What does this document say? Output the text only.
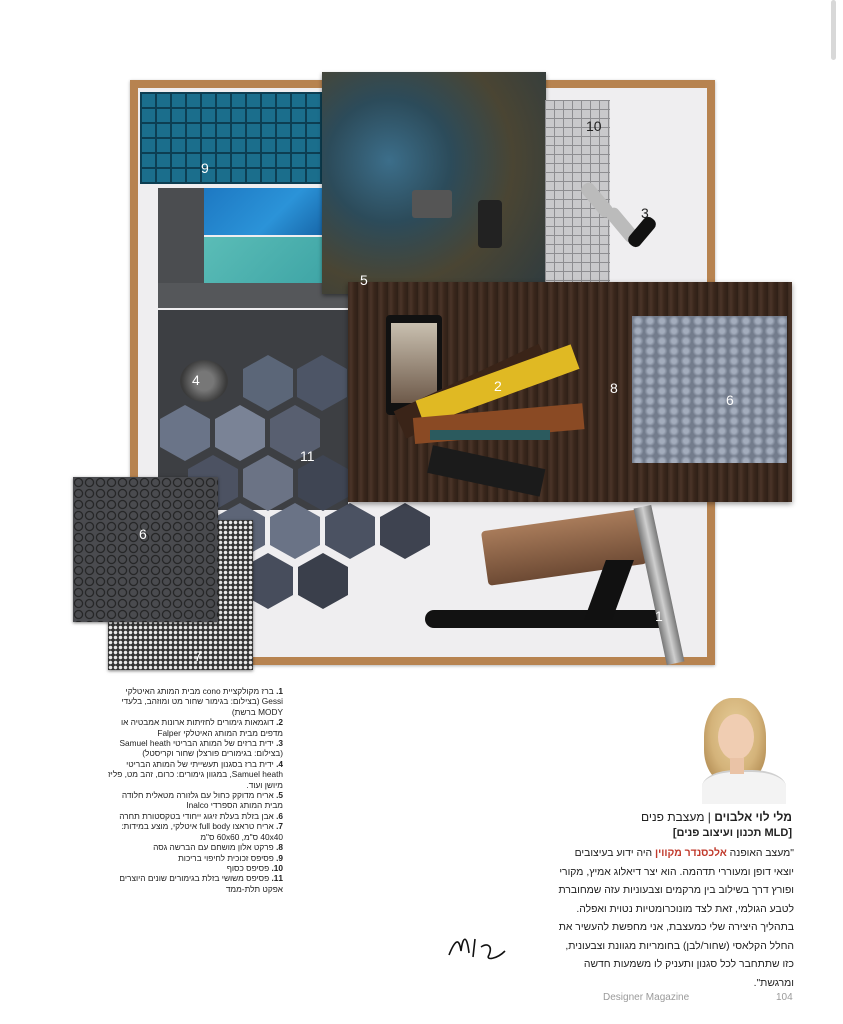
9
10
3
5
4	2	8
6
11
6
1
7

1. ברז מקולקציית cono מבית המותג האיטלקי Gessi (בצילום: בגימור שחור מט ומוזהב, בלעדי MODY ברשת)

2. דוגמאות גימורים לחזיתות ארונות אמבטיה או מדפים מבית המותג האיטלקי Falper

3. ידית ברזים של המותג הבריטי Samuel heath (בצילום: בגימורים פורצלן שחור וקריסטל)

4. ידית ברז בסגנון תעשייתי של המותג הבריטי Samuel heath, במגוון גימורים: כרום, זהב מט, פליז מיושן ועוד.

5. אריח מדוקק כחול עם גלזורה מטאלית חלודה מבית המותג הספרדי Inalco

6. אבן בזלת בעלת זיגוג ייחודי בטקסטורת תחרה

7. אריח טראצו full body איטלקי, מוצע במידות: 40x40 ס"מ, 60x60 ס"מ

8. פרקט אלון מושחם עם הברשה גסה

9. פסיפס זכוכית לחיפוי בריכות

10. פסיפס כסוף

11. פסיפס משושי בזלת בגימורים שונים היוצרים אפקט תלת-ממד

מלי לוי אלבוים | מעצבת פנים
[MLD תכנון ועיצוב פנים]
"מעצב האופנה אלכסנדר מקווין היה ידוע בעיצובים יוצאי דופן ומעוררי תדהמה. הוא יצר דיאלוג אמיץ, מקורי ופורץ דרך בשילוב בין מרקמים וצבעוניות עזה שמחוברת לטבע הגולמי, זאת לצד מונוכרומטיות נטוית ואפלה. בתהליך היצירה שלי כמעצבת, אני מחפשת להעשיר את החלל הקלאסי (שחור/לבן) בחומריות מגוונת וצבעונית, כזו שתתחבר לכל סגנון ותעניק לו משמעות חדשה ומרגשת".
Designer Magazine	104
